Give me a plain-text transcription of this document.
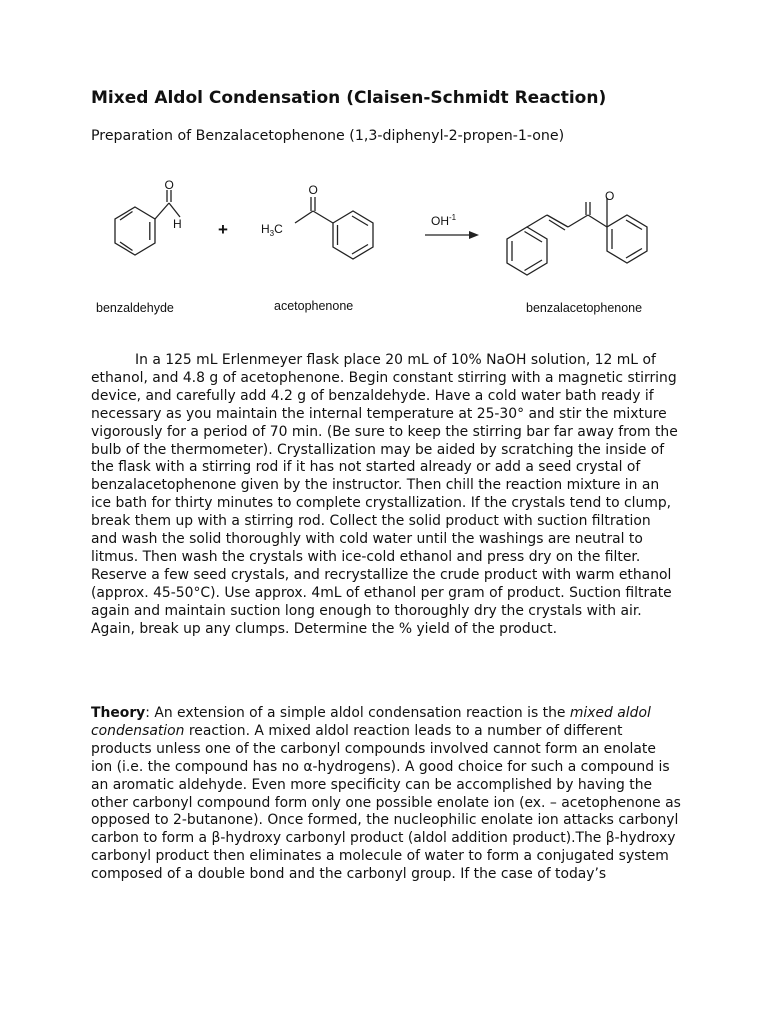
Mixed Aldol Condensation (Claisen-Schmidt Reaction)

Preparation of Benzalacetophenone (1,3-diphenyl-2-propen-1-one)

O
H +
O
$H_3C$
$OH^{-1}$
O
benzaldehyde	acetophenone	benzalacetophenone

In a 125 mL Erlenmeyer flask place 20 mL of 10% NaOH solution, 12 mL of ethanol, and 4.8 g of acetophenone. Begin constant stirring with a magnetic stirring device, and carefully add 4.2 g of benzaldehyde. Have a cold water bath ready if necessary as you maintain the internal temperature at 25-30° and stir the mixture vigorously for a period of 70 min. (Be sure to keep the stirring bar far away from the bulb of the thermometer). Crystallization may be aided by scratching the inside of the flask with a stirring rod if it has not started already or add a seed crystal of benzalacetophenone given by the instructor. Then chill the reaction mixture in an ice bath for thirty minutes to complete crystallization. If the crystals tend to clump, break them up with a stirring rod. Collect the solid product with suction filtration and wash the solid thoroughly with cold water until the washings are neutral to litmus. Then wash the crystals with ice-cold ethanol and press dry on the filter. Reserve a few seed crystals, and recrystallize the crude product with warm ethanol (approx. 45-50°C). Use approx. 4mL of ethanol per gram of product. Suction filtrate again and maintain suction long enough to thoroughly dry the crystals with air. Again, break up any clumps. Determine the % yield of the product.

Theory: An extension of a simple aldol condensation reaction is the mixed aldol condensation reaction. A mixed aldol reaction leads to a number of different products unless one of the carbonyl compounds involved cannot form an enolate ion (i.e. the compound has no α-hydrogens). A good choice for such a compound is an aromatic aldehyde. Even more specificity can be accomplished by having the other carbonyl compound form only one possible enolate ion (ex. – acetophenone as opposed to 2-butanone). Once formed, the nucleophilic enolate ion attacks carbonyl carbon to form a β-hydroxy carbonyl product (aldol addition product).The β-hydroxy carbonyl product then eliminates a molecule of water to form a conjugated system composed of a double bond and the carbonyl group. If the case of today’s
